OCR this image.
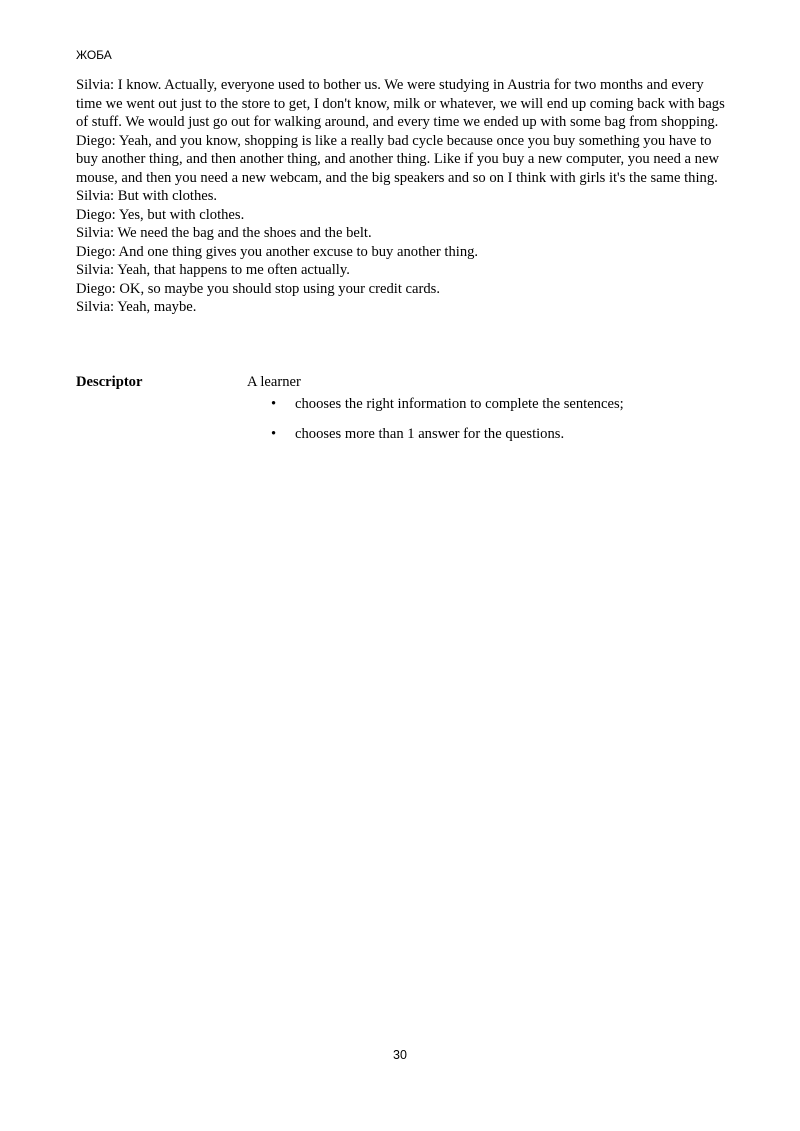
ЖОБА

Silvia: I know. Actually, everyone used to bother us. We were studying in Austria for two months and every time we went out just to the store to get, I don't know, milk or whatever, we will end up coming back with bags of stuff. We would just go out for walking around, and every time we ended up with some bag from shopping.

Diego: Yeah, and you know, shopping is like a really bad cycle because once you buy something you have to buy another thing, and then another thing, and another thing. Like if you buy a new computer, you need a new mouse, and then you need a new webcam, and the big speakers and so on I think with girls it's the same thing.

Silvia: But with clothes.

Diego: Yes, but with clothes.

Silvia: We need the bag and the shoes and the belt.

Diego: And one thing gives you another excuse to buy another thing.

Silvia: Yeah, that happens to me often actually.

Diego: OK, so maybe you should stop using your credit cards.

Silvia: Yeah, maybe.

Descriptor	A learner
• chooses the right information to complete the sentences;
• chooses more than 1 answer for the questions.
30
